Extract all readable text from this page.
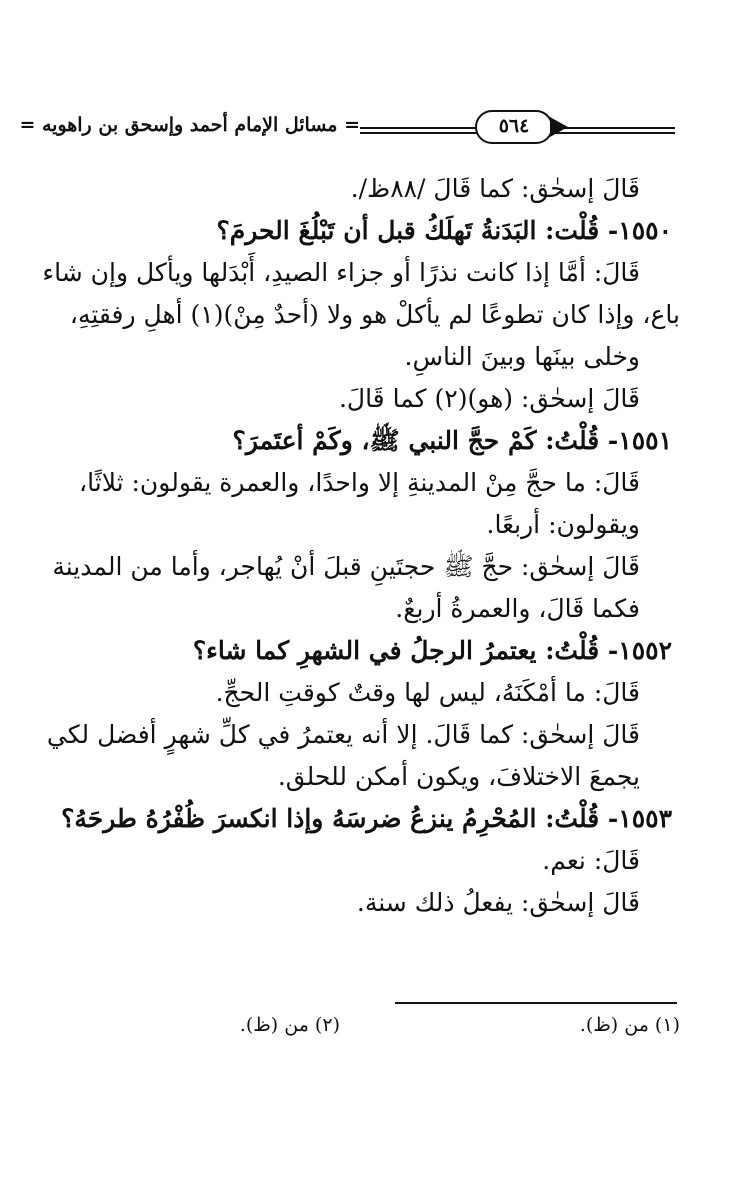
= مسائل الإمام أحمد وإسحق بن راهويه =	٥٦٤
قَالَ إسحٰق: كما قَالَ /٨٨ظ/.
١٥٥٠- قُلْت: البَدَنةُ تَهلَكُ قبل أن تَبْلُغَ الحرمَ؟
قَالَ: أمَّا إذا كانت نذرًا أو جزاء الصيدِ، أَبْدَلها ويأكل وإن شاء
باع، وإذا كان تطوعًا لم يأكلْ هو ولا (أحدٌ مِنْ)(١) أهلِ رفقتِهِ،
وخلى بينَها وبينَ الناسِ.
قَالَ إسحٰق: (هو)(٢) كما قَالَ.
١٥٥١- قُلْتُ: كَمْ حجَّ النبي ﷺ، وكَمْ أعتَمرَ؟
قَالَ: ما حجَّ مِنْ المدينةِ إلا واحدًا، والعمرة يقولون: ثلاثًا،
ويقولون: أربعًا.
قَالَ إسحٰق: حجَّ ﷺ حجتَينِ قبلَ أنْ يُهاجر، وأما من المدينة
فكما قَالَ، والعمرةُ أربعٌ.
١٥٥٢- قُلْتُ: يعتمرُ الرجلُ في الشهرِ كما شاء؟
قَالَ: ما أمْكَنَهُ، ليس لها وقتٌ كوقتِ الحجِّ.
قَالَ إسحٰق: كما قَالَ. إلا أنه يعتمرُ في كلِّ شهرٍ أفضل لكي
يجمعَ الاختلافَ، ويكون أمكن للحلق.
١٥٥٣- قُلْتُ: المُحْرِمُ ينزعُ ضرسَهُ وإذا انكسرَ ظُفْرُهُ طرحَهُ؟
قَالَ: نعم.
قَالَ إسحٰق: يفعلُ ذلك سنة.
(١) من (ظ).
(٢) من (ظ).
